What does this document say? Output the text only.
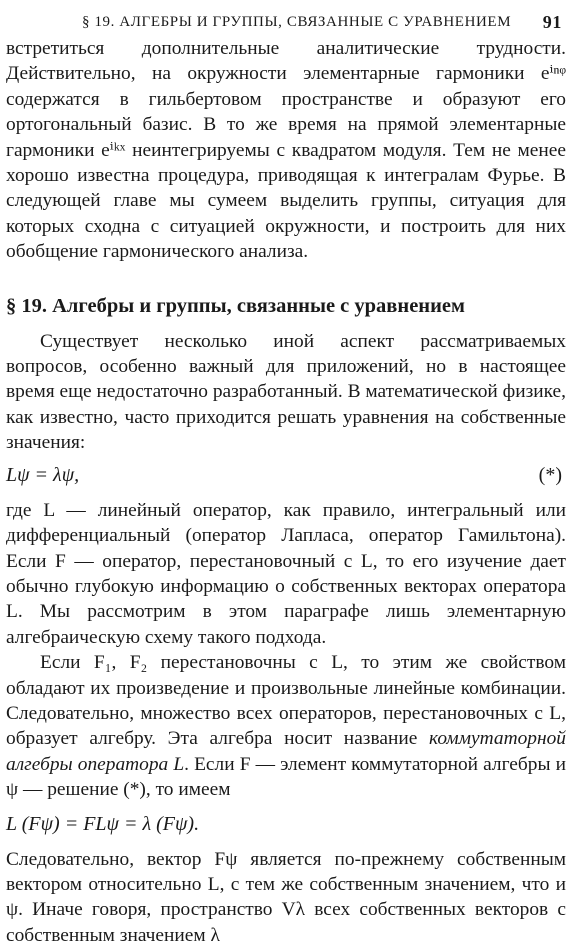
§ 19. АЛГЕБРЫ И ГРУППЫ, СВЯЗАННЫЕ С УРАВНЕНИЕМ 91

встретиться дополнительные аналитические трудности. Действительно, на окружности элементарные гармоники eⁱⁿᵠ содержатся в гильбертовом пространстве и образуют его ортогональный базис. В то же время на прямой элементарные гармоники eⁱᵏˣ неинтегрируемы с квадратом модуля. Тем не менее хорошо известна процедура, приводящая к интегралам Фурье. В следующей главе мы сумеем выделить группы, ситуация для которых сходна с ситуацией окружности, и построить для них обобщение гармонического анализа.

§ 19. Алгебры и группы, связанные с уравнением

Существует несколько иной аспект рассматриваемых вопросов, особенно важный для приложений, но в настоящее время еще недостаточно разработанный. В математической физике, как известно, часто приходится решать уравнения на собственные значения:

Lψ = λψ,	(*)

где L — линейный оператор, как правило, интегральный или дифференциальный (оператор Лапласа, оператор Гамильтона). Если F — оператор, перестановочный с L, то его изучение дает обычно глубокую информацию о собственных векторах оператора L. Мы рассмотрим в этом параграфе лишь элементарную алгебраическую схему такого подхода.

Если F₁, F₂ перестановочны с L, то этим же свойством обладают их произведение и произвольные линейные комбинации. Следовательно, множество всех операторов, перестановочных с L, образует алгебру. Эта алгебра носит название коммутаторной алгебры оператора L. Если F — элемент коммутаторной алгебры и ψ — решение (*), то имеем

L (Fψ) = FLψ = λ (Fψ).

Следовательно, вектор Fψ является по-прежнему собственным вектором относительно L, с тем же собственным значением, что и ψ. Иначе говоря, пространство Vλ всех собственных векторов с собственным значением λ
